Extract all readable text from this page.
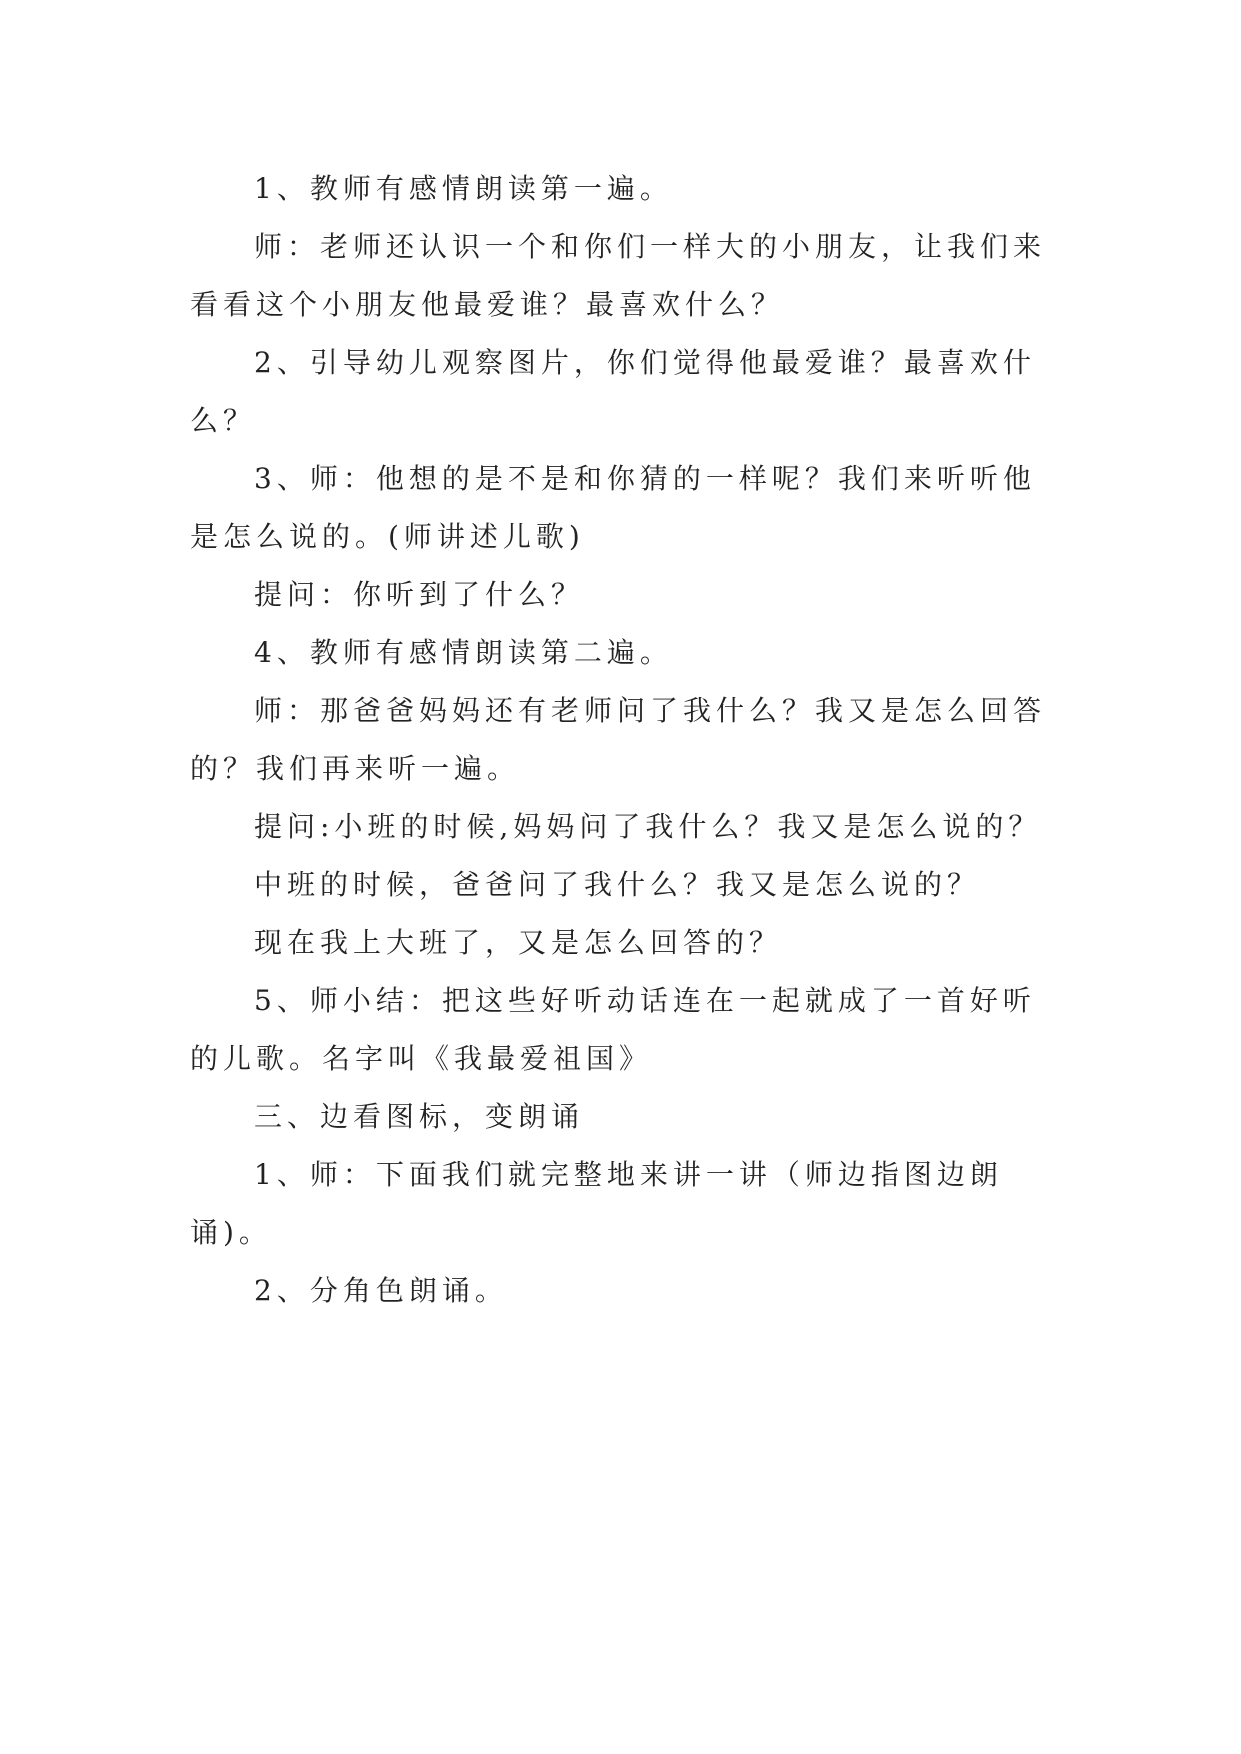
1、教师有感情朗读第一遍。

师：老师还认识一个和你们一样大的小朋友，让我们来看看这个小朋友他最爱谁？最喜欢什么？

2、引导幼儿观察图片，你们觉得他最爱谁？最喜欢什么？

3、师：他想的是不是和你猜的一样呢？我们来听听他是怎么说的。(师讲述儿歌)

提问：你听到了什么？

4、教师有感情朗读第二遍。

师：那爸爸妈妈还有老师问了我什么？我又是怎么回答的？我们再来听一遍。

提问:小班的时候,妈妈问了我什么？我又是怎么说的？

中班的时候，爸爸问了我什么？我又是怎么说的？

现在我上大班了，又是怎么回答的？

5、师小结：把这些好听动话连在一起就成了一首好听的儿歌。名字叫《我最爱祖国》

三、边看图标，变朗诵

1、师：下面我们就完整地来讲一讲（师边指图边朗诵)。

2、分角色朗诵。
